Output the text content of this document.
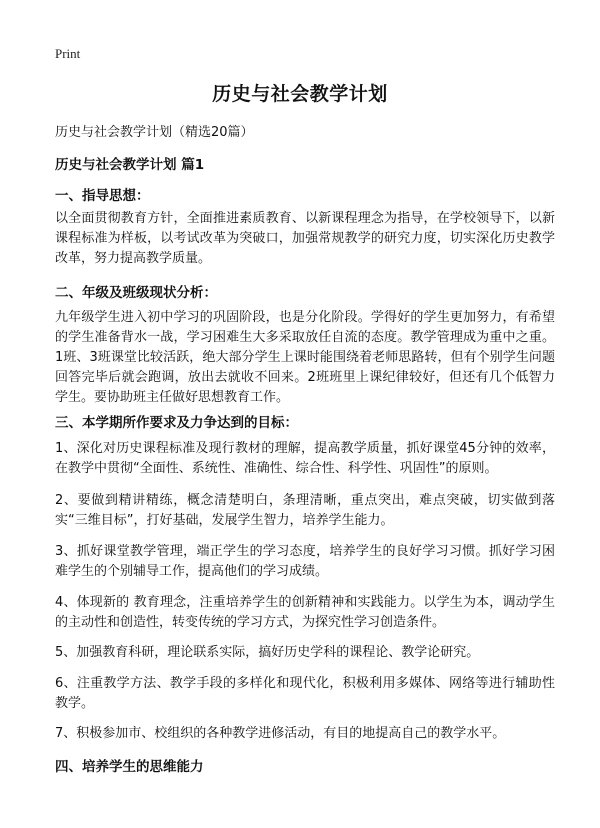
Print
历史与社会教学计划
历史与社会教学计划（精选20篇）
历史与社会教学计划 篇1
一、指导思想：
以全面贯彻教育方针，全面推进素质教育、以新课程理念为指导，在学校领导下，以新课程标准为样板，以考试改革为突破口，加强常规教学的研究力度，切实深化历史教学改革，努力提高教学质量。
二、年级及班级现状分析：
九年级学生进入初中学习的巩固阶段，也是分化阶段。学得好的学生更加努力，有希望的学生准备背水一战，学习困难生大多采取放任自流的态度。教学管理成为重中之重。1班、3班课堂比较活跃，绝大部分学生上课时能围绕着老师思路转，但有个别学生问题回答完毕后就会跑调，放出去就收不回来。2班班里上课纪律较好，但还有几个低智力学生。要协助班主任做好思想教育工作。
三、本学期所作要求及力争达到的目标：
1、深化对历史课程标准及现行教材的理解，提高教学质量，抓好课堂45分钟的效率，在教学中贯彻“全面性、系统性、准确性、综合性、科学性、巩固性”的原则。
2、要做到精讲精练，概念清楚明白，条理清晰，重点突出，难点突破，切实做到落实“三维目标”，打好基础，发展学生智力，培养学生能力。
3、抓好课堂教学管理，端正学生的学习态度，培养学生的良好学习习惯。抓好学习困难学生的个别辅导工作，提高他们的学习成绩。
4、体现新的 教育理念，注重培养学生的创新精神和实践能力。以学生为本，调动学生的主动性和创造性，转变传统的学习方式，为探究性学习创造条件。
5、加强教育科研，理论联系实际，搞好历史学科的课程论、教学论研究。
6、注重教学方法、教学手段的多样化和现代化，积极利用多媒体、网络等进行辅助性教学。
7、积极参加市、校组织的各种教学进修活动，有目的地提高自己的教学水平。
四、培养学生的思维能力
